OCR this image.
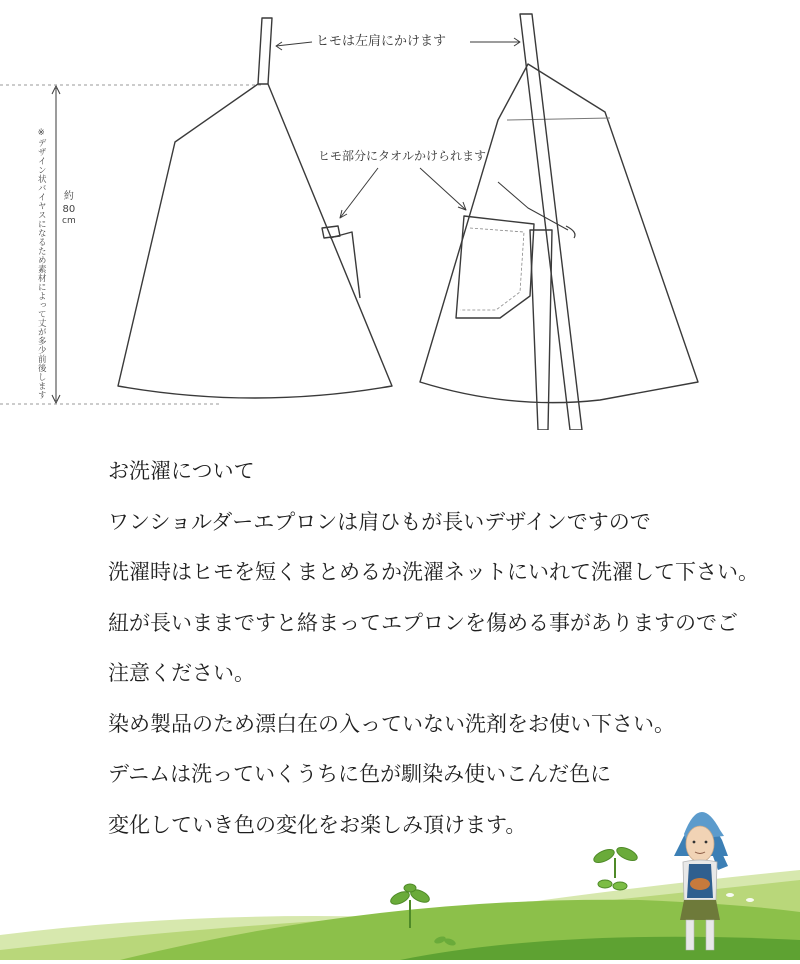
ヒモは左肩にかけます
ヒモ部分にタオルかけられます
※デザイン状バイヤスになるため素材によって丈が多少前後します 約
80
cm
お洗濯について
ワンショルダーエプロンは肩ひもが長いデザインですので
洗濯時はヒモを短くまとめるか洗濯ネットにいれて洗濯して下さい。
紐が長いままですと絡まってエプロンを傷める事がありますのでご
注意ください。
染め製品のため漂白在の入っていない洗剤をお使い下さい。
デニムは洗っていくうちに色が馴染み使いこんだ色に
変化していき色の変化をお楽しみ頂けます。
